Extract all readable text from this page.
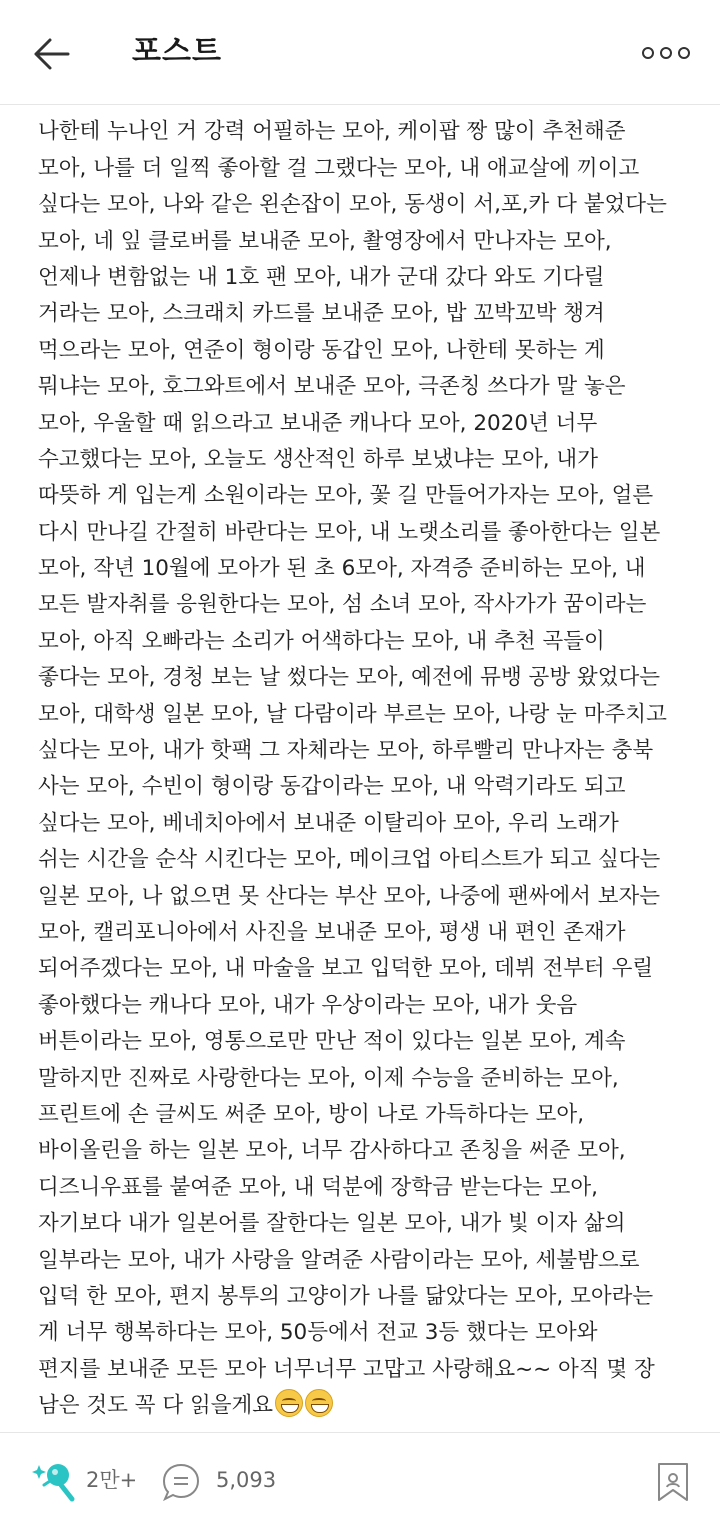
포스트
나한테 누나인 거 강력 어필하는 모아, 케이팝 짱 많이 추천해준
모아, 나를 더 일찍 좋아할 걸 그랬다는 모아, 내 애교살에 끼이고
싶다는 모아, 나와 같은 왼손잡이 모아, 동생이 서,포,카 다 붙었다는
모아, 네 잎 클로버를 보내준 모아, 촬영장에서 만나자는 모아,
언제나 변함없는 내 1호 팬 모아, 내가 군대 갔다 와도 기다릴
거라는 모아, 스크래치 카드를 보내준 모아, 밥 꼬박꼬박 챙겨
먹으라는 모아, 연준이 형이랑 동갑인 모아, 나한테 못하는 게
뭐냐는 모아, 호그와트에서 보내준 모아, 극존칭 쓰다가 말 놓은
모아, 우울할 때 읽으라고 보내준 캐나다 모아, 2020년 너무
수고했다는 모아, 오늘도 생산적인 하루 보냈냐는 모아, 내가
따뜻하 게 입는게 소원이라는 모아, 꽃 길 만들어가자는 모아, 얼른
다시 만나길 간절히 바란다는 모아, 내 노랫소리를 좋아한다는 일본
모아, 작년 10월에 모아가 된 초 6모아, 자격증 준비하는 모아, 내
모든 발자취를 응원한다는 모아, 섬 소녀 모아, 작사가가 꿈이라는
모아, 아직 오빠라는 소리가 어색하다는 모아, 내 추천 곡들이
좋다는 모아, 경청 보는 날 썼다는 모아, 예전에 뮤뱅 공방 왔었다는
모아, 대학생 일본 모아, 날 다람이라 부르는 모아, 나랑 눈 마주치고
싶다는 모아, 내가 핫팩 그 자체라는 모아, 하루빨리 만나자는 충북
사는 모아, 수빈이 형이랑 동갑이라는 모아, 내 악력기라도 되고
싶다는 모아, 베네치아에서 보내준 이탈리아 모아, 우리 노래가
쉬는 시간을 순삭 시킨다는 모아, 메이크업 아티스트가 되고 싶다는
일본 모아, 나 없으면 못 산다는 부산 모아, 나중에 팬싸에서 보자는
모아, 캘리포니아에서 사진을 보내준 모아, 평생 내 편인 존재가
되어주겠다는 모아, 내 마술을 보고 입덕한 모아, 데뷔 전부터 우릴
좋아했다는 캐나다 모아, 내가 우상이라는 모아, 내가 웃음
버튼이라는 모아, 영통으로만 만난 적이 있다는 일본 모아, 계속
말하지만 진짜로 사랑한다는 모아, 이제 수능을 준비하는 모아,
프린트에 손 글씨도 써준 모아, 방이 나로 가득하다는 모아,
바이올린을 하는 일본 모아, 너무 감사하다고 존칭을 써준 모아,
디즈니우표를 붙여준 모아, 내 덕분에 장학금 받는다는 모아,
자기보다 내가 일본어를 잘한다는 일본 모아, 내가 빛 이자 삶의
일부라는 모아, 내가 사랑을 알려준 사람이라는 모아, 세불밤으로
입덕 한 모아, 편지 봉투의 고양이가 나를 닮았다는 모아, 모아라는
게 너무 행복하다는 모아, 50등에서 전교 3등 했다는 모아와
편지를 보내준 모든 모아 너무너무 고맙고 사랑해요~~ 아직 몇 장
남은 것도 꼭 다 읽을게요
2만+	5,093
